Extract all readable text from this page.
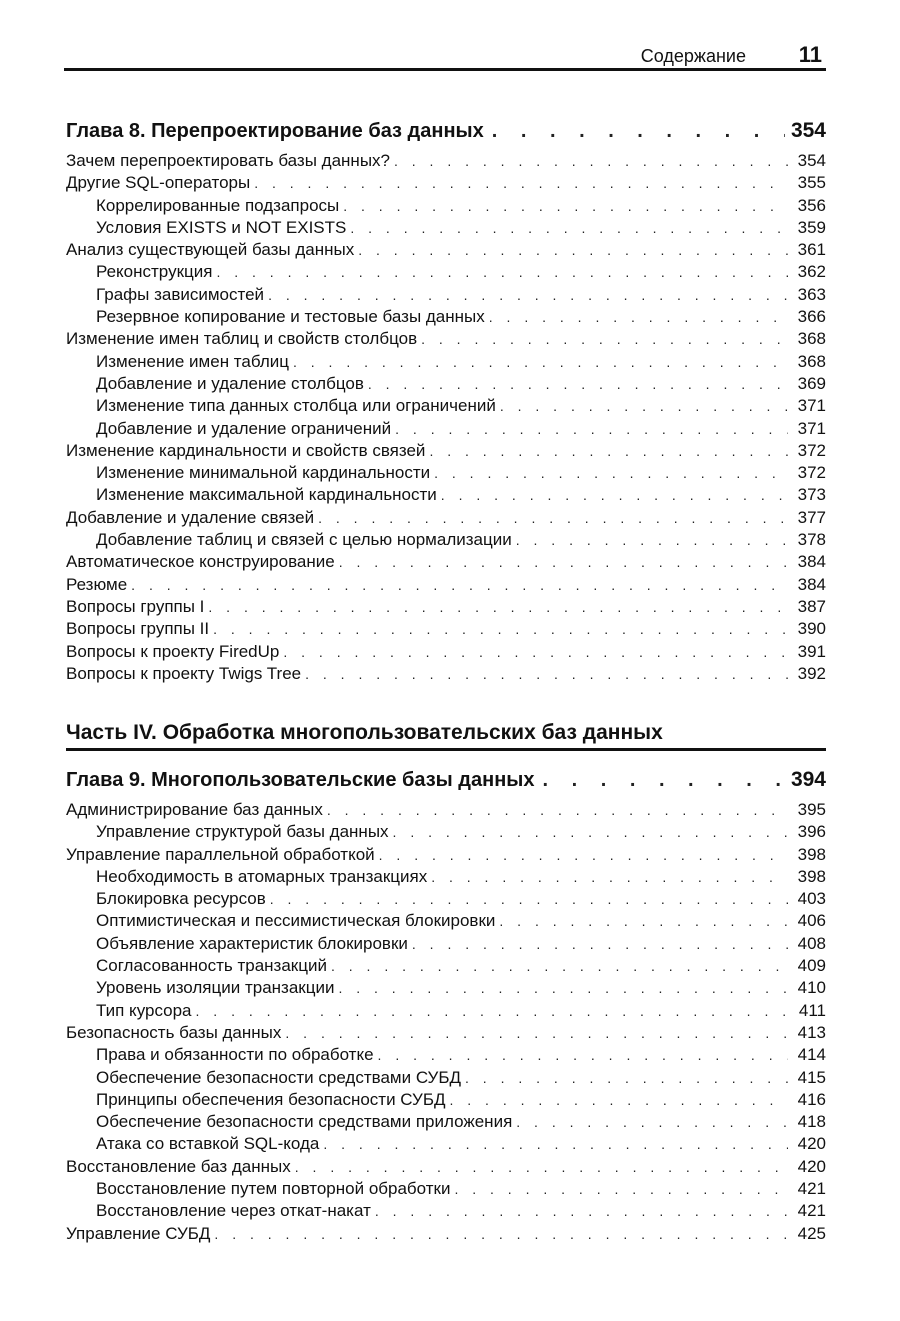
Содержание 11
Глава 8. Перепроектирование баз данных . . .	354
Зачем перепроектировать базы данных? . . .	354
Другие SQL-операторы . . .	355
Коррелированные подзапросы . . .	356
Условия EXISTS и NOT EXISTS . . .	359
Анализ существующей базы данных . . .	361
Реконструкция . . .	362
Графы зависимостей . . .	363
Резервное копирование и тестовые базы данных . . .	366
Изменение имен таблиц и свойств столбцов . . .	368
Изменение имен таблиц . . .	368
Добавление и удаление столбцов . . .	369
Изменение типа данных столбца или ограничений . . .	371
Добавление и удаление ограничений . . .	371
Изменение кардинальности и свойств связей . . .	372
Изменение минимальной кардинальности . . .	372
Изменение максимальной кардинальности . . .	373
Добавление и удаление связей . . .	377
Добавление таблиц и связей с целью нормализации . . .	378
Автоматическое конструирование . . .	384
Резюме . . .	384
Вопросы группы I . . .	387
Вопросы группы II . . .	390
Вопросы к проекту FiredUp . . .	391
Вопросы к проекту Twigs Tree . . .	392
Часть IV. Обработка многопользовательских баз данных
Глава 9. Многопользовательские базы данных . . .	394
Администрирование баз данных . . .	395
Управление структурой базы данных . . .	396
Управление параллельной обработкой . . .	398
Необходимость в атомарных транзакциях . . .	398
Блокировка ресурсов . . .	403
Оптимистическая и пессимистическая блокировки . . .	406
Объявление характеристик блокировки . . .	408
Согласованность транзакций . . .	409
Уровень изоляции транзакции . . .	410
Тип курсора . . .	411
Безопасность базы данных . . .	413
Права и обязанности по обработке . . .	414
Обеспечение безопасности средствами СУБД . . .	415
Принципы обеспечения безопасности СУБД . . .	416
Обеспечение безопасности средствами приложения . . .	418
Атака со вставкой SQL-кода . . .	420
Восстановление баз данных . . .	420
Восстановление путем повторной обработки . . .	421
Восстановление через откат-накат . . .	421
Управление СУБД . . .	425
